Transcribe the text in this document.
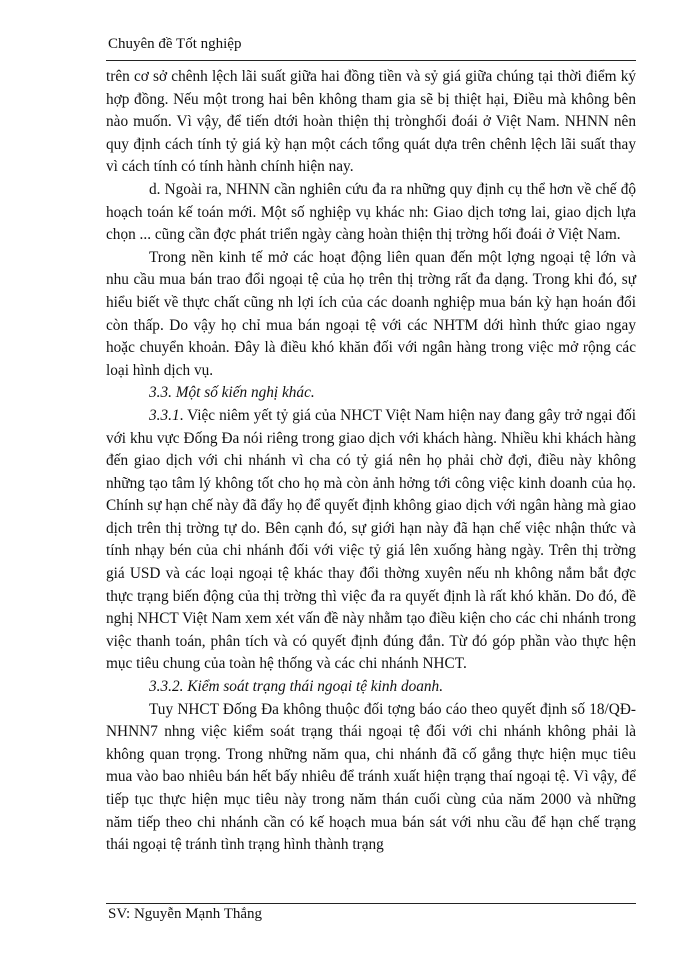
Chuyên đề Tốt nghiệp

trên cơ sở chênh lệch lãi suất giữa hai đồng tiền và sỷ giá giữa chúng tại thời điểm ký hợp đồng. Nếu một trong hai bên không tham gia sẽ bị thiệt hại, Điều mà không bên nào muốn. Vì vậy, để tiến dtới hoàn thiện thị trònghối đoái ở Việt Nam. NHNN nên quy định cách tính tỷ giá kỳ hạn một cách tổng quát dựa trên chênh lệch lãi suất thay vì cách tính có tính hành chính hiện nay.

d. Ngoài ra, NHNN cần nghiên cứu đa ra những quy định cụ thể hơn về chế độ hoạch toán kế toán mới. Một số nghiệp vụ khác nh: Giao dịch tơng lai, giao dịch lựa chọn ... cũng cần đợc phát triển ngày càng hoàn thiện thị trờng hối đoái ở Việt Nam.

Trong nền kinh tế mở các hoạt động liên quan đến một lợng ngoại tệ lớn và nhu cầu mua bán trao đổi ngoại tệ của họ trên thị trờng rất đa dạng. Trong khi đó, sự hiểu biết về thực chất cũng nh lợi ích của các doanh nghiệp mua bán kỳ hạn hoán đổi còn thấp. Do vậy họ chỉ mua bán ngoại tệ với các NHTM dới hình thức giao ngay hoặc chuyển khoản. Đây là điều khó khăn đối với ngân hàng trong việc mở rộng các loại hình dịch vụ.

3.3. Một số kiến nghị khác.

3.3.1. Việc niêm yết tỷ giá của NHCT Việt Nam hiện nay đang gây trở ngại đối với khu vực Đống Đa nói riêng trong giao dịch với khách hàng. Nhiều khi khách hàng đến giao dịch với chi nhánh vì cha có tỷ giá nên họ phải chờ đợi, điều này không những tạo tâm lý không tốt cho họ mà còn ảnh hởng tới công việc kinh doanh của họ. Chính sự hạn chế này đã đẩy họ để quyết định không giao dịch với ngân hàng mà giao dịch trên thị trờng tự do. Bên cạnh đó, sự giới hạn này đã hạn chế việc nhận thức và tính nhạy bén của chi nhánh đối với việc tỷ giá lên xuống hàng ngày. Trên thị trờng giá USD và các loại ngoại tệ khác thay đổi thờng xuyên nếu nh không nắm bắt đợc thực trạng biến động của thị trờng thì việc đa ra quyết định là rất khó khăn. Do đó, đề nghị NHCT Việt Nam xem xét vấn đề này nhằm tạo điều kiện cho các chi nhánh trong việc thanh toán, phân tích và có quyết định đúng đắn. Từ đó góp phần vào thực hện mục tiêu chung của toàn hệ thống và các chi nhánh NHCT.

3.3.2. Kiểm soát trạng thái ngoại tệ kinh doanh.

Tuy NHCT Đống Đa không thuộc đối tợng báo cáo theo quyết định số 18/QĐ- NHNN7 nhng việc kiểm soát trạng thái ngoại tệ đối với chi nhánh không phải là không quan trọng. Trong những năm qua, chi nhánh đã cố gắng thực hiện mục tiêu mua vào bao nhiêu bán hết bấy nhiêu để tránh xuất hiện trạng thaí ngoại tệ. Vì vậy, để tiếp tục thực hiện mục tiêu này trong năm thán cuối cùng của năm 2000 và những năm tiếp theo chi nhánh cần có kế hoạch mua bán sát với nhu cầu để hạn chế trạng thái ngoại tệ tránh tình trạng hình thành trạng

SV: Nguyễn Mạnh Thắng
